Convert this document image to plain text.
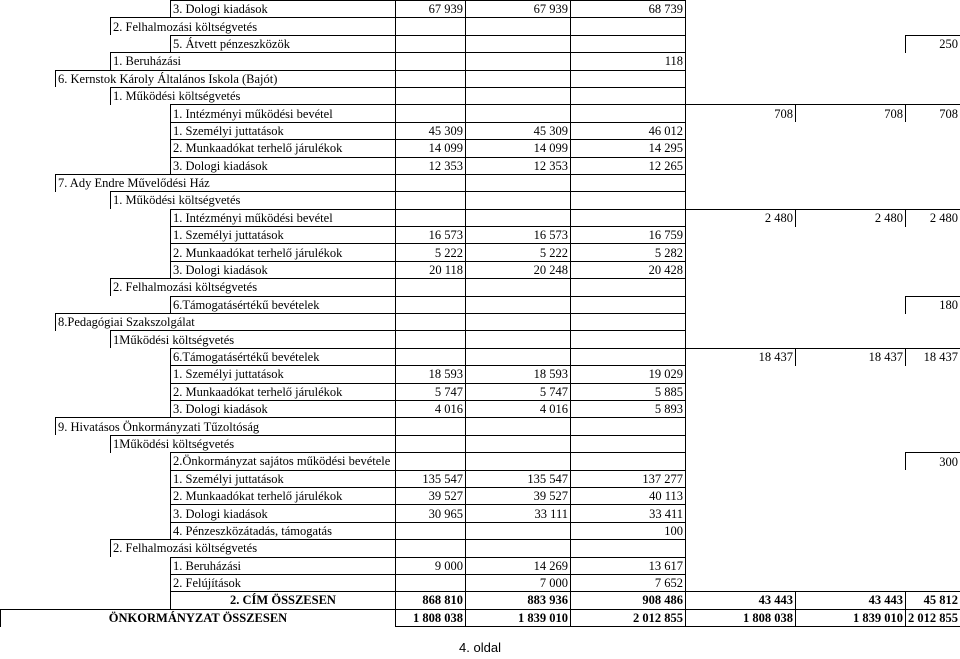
			3. Dologi kiadások	67 939	67 939	68 739			
		2. Felhalmozási költségvetés							
			5. Átvett pénzeszközök						250
		1. Beruházási				118			
	6. Kernstok Károly Általános Iskola (Bajót)								
		1. Működési költségvetés							
			1. Intézményi működési bevétel				708	708	708
			1. Személyi juttatások	45 309	45 309	46 012			
			2. Munkaadókat terhelő járulékok	14 099	14 099	14 295			
			3. Dologi kiadások	12 353	12 353	12 265			
	7. Ady Endre Művelődési Ház								
		1. Működési költségvetés							
			1. Intézményi működési bevétel				2 480	2 480	2 480
			1. Személyi juttatások	16 573	16 573	16 759			
			2. Munkaadókat terhelő járulékok	5 222	5 222	5 282			
			3. Dologi kiadások	20 118	20 248	20 428			
		2. Felhalmozási költségvetés							
			6.Támogatásértékű bevételek						180
	8.Pedagógiai Szakszolgálat								
		1Működési költségvetés							
			6.Támogatásértékű bevételek				18 437	18 437	18 437
			1. Személyi juttatások	18 593	18 593	19 029			
			2. Munkaadókat terhelő járulékok	5 747	5 747	5 885			
			3. Dologi kiadások	4 016	4 016	5 893			
	9. Hivatásos Önkormányzati Tűzoltóság								
		1Működési költségvetés							
			2.Önkormányzat sajátos működési bevétele						300
			1. Személyi juttatások	135 547	135 547	137 277			
			2. Munkaadókat terhelő járulékok	39 527	39 527	40 113			
			3. Dologi kiadások	30 965	33 111	33 411			
			4. Pénzeszközátadás, támogatás			100			
		2. Felhalmozási költségvetés							
			1. Beruházási	9 000	14 269	13 617			
			2. Felújítások		7 000	7 652			
			2. CÍM ÖSSZESEN	868 810	883 936	908 486	43 443	43 443	45 812
ÖNKORMÁNYZAT ÖSSZESEN				1 808 038	1 839 010	2 012 855	1 808 038	1 839 010	2 012 855
4. oldal
